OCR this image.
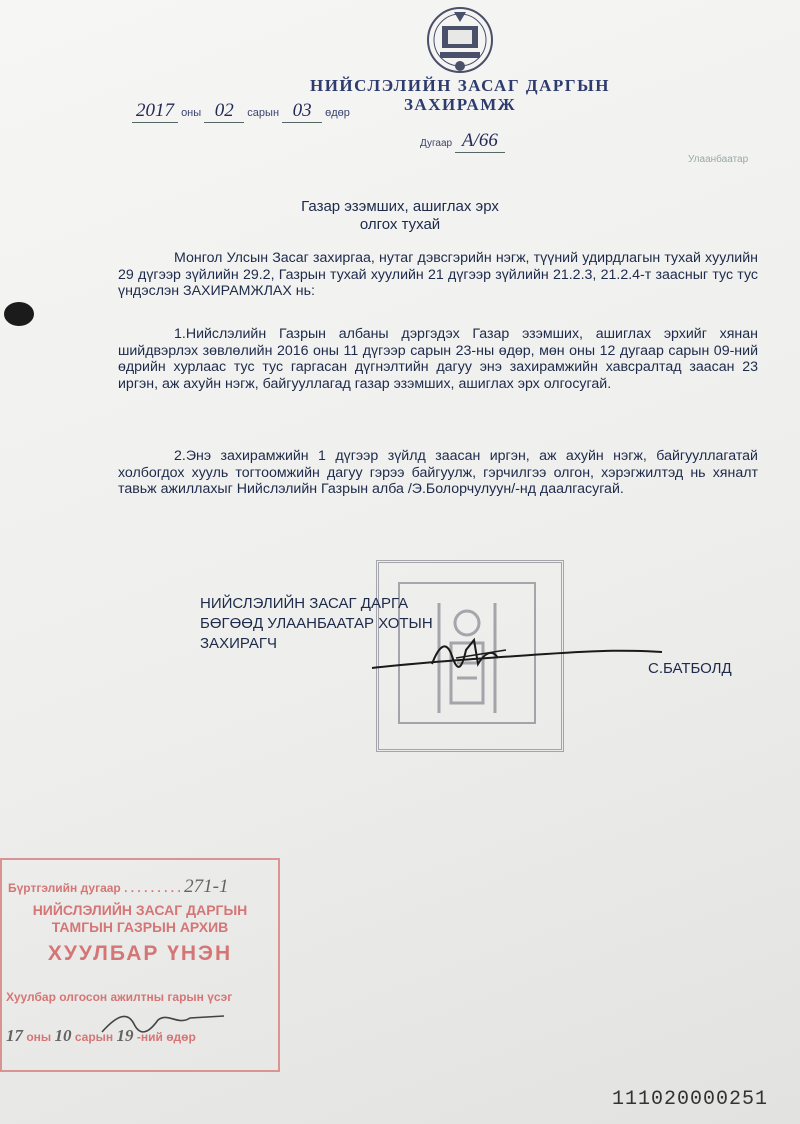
НИЙСЛЭЛИЙН ЗАСАГ ДАРГЫН
ЗАХИРАМЖ
2017 оны 02 сарын 03 өдөр
Дугаар А/66
Улаанбаатар
Газар эзэмших, ашиглах эрх
олгох тухай
Монгол Улсын Засаг захиргаа, нутаг дэвсгэрийн нэгж, түүний удирдлагын тухай хуулийн 29 дүгээр зүйлийн 29.2, Газрын тухай хуулийн 21 дүгээр зүйлийн 21.2.3, 21.2.4-т заасныг тус тус үндэслэн ЗАХИРАМЖЛАХ нь:
1.Нийслэлийн Газрын албаны дэргэдэх Газар эзэмших, ашиглах эрхийг хянан шийдвэрлэх зөвлөлийн 2016 оны 11 дүгээр сарын 23-ны өдөр, мөн оны 12 дугаар сарын 09-ний өдрийн хурлаас тус тус гаргасан дүгнэлтийн дагуу энэ захирамжийн хавсралтад заасан 23 иргэн, аж ахуйн нэгж, байгууллагад газар эзэмших, ашиглах эрх олгосугай.
2.Энэ захирамжийн 1 дүгээр зүйлд заасан иргэн, аж ахуйн нэгж, байгууллагатай холбогдох хууль тогтоомжийн дагуу гэрээ байгуулж, гэрчилгээ олгон, хэрэгжилтэд нь хяналт тавьж ажиллахыг Нийслэлийн Газрын алба /Э.Болорчулуун/-нд даалгасугай.
НИЙСЛЭЛИЙН ЗАСАГ ДАРГА
БӨГӨӨД УЛААНБААТАР ХОТЫН
ЗАХИРАГЧ
С.БАТБОЛД
Бүртгэлийн дугаар . . . . . . . . . 271-1
НИЙСЛЭЛИЙН ЗАСАГ ДАРГЫН
ТАМГЫН ГАЗРЫН АРХИВ
ХУУЛБАР ҮНЭН
Хуулбар олгосон ажилтны гарын үсэг
17 оны 10 сарын 19 -ний өдөр
111020000251
